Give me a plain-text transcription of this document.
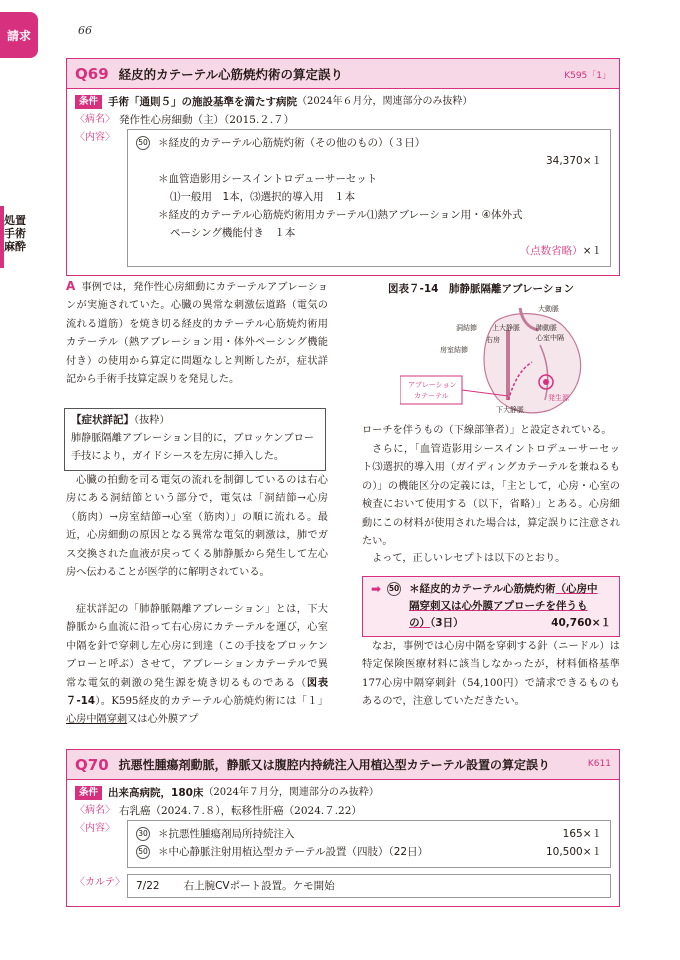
請求	66
処置
手術
麻酔
Q69 経皮的カテーテル心筋焼灼術の算定誤り	K595「1」
条件 手術「通則５」の施設基準を満たす病院 （2024年６月分，関連部分のみ抜粋）
〈病名〉 発作性心房細動（主）（2015.２.７）
〈内容〉	50 ＊経皮的カテーテル心筋焼灼術（その他のもの）（３日）
34,370×１
＊血管造影用シースイントロデューサーセット
⑴一般用　1本，⑶選択的導入用　１本
＊経皮的カテーテル心筋焼灼術用カテーテル⑴熱アブレーション用・④体外式
ペーシング機能付き　１本
（点数省略）×１
A 事例では，発作性心房細動にカテーテルアブレーションが実施されていた。心臓の異常な刺激伝道路（電気の流れる道筋）を焼き切る経皮的カテーテル心筋焼灼術用カテーテル（熱アブレーション用・体外ペーシング機能付き）の使用から算定に問題なしと判断したが，症状詳記から手術手技算定誤りを発見した。
【症状詳記】（抜粋）
肺静脈隔離アブレーション目的に，ブロッケンブロー手技により，ガイドシースを左房に挿入した。
心臓の拍動を司る電気の流れを制御しているのは右心房にある洞結節という部分で，電気は「洞結節→心房（筋肉）→房室結節→心室（筋肉）」の順に流れる。最近，心房細動の原因となる異常な電気的刺激は，肺でガス交換された血液が戻ってくる肺静脈から発生して左心房へ伝わることが医学的に解明されている。
症状詳記の「肺静脈隔離アブレーション」とは，下大静脈から血流に沿って右心房にカテーテルを運び，心室中隔を針で穿刺し左心房に到達（この手技をブロッケンブローと呼ぶ）させて，アブレーションカテーテルで異常な電気的刺激の発生源を焼き切るものである（図表７-14）。K595経皮的カテーテル心筋焼灼術には「１」心房中隔穿刺又は心外膜アプ
図表７-14　肺静脈隔離アブレーション
大動脈
洞結節 上大静脈 肺動脈
心室中隔
右房
房室結節
アブレーション
カテーテル
下大静脈
発生源
ローチを伴うもの（下線部筆者）」と設定されている。
さらに，「血管造影用シースイントロデューサーセット⑶選択的導入用（ガイディングカテーテルを兼ねるもの）」の機能区分の定義には，「主として，心房・心室の検査において使用する（以下，省略）」とある。心房細動にこの材料が使用された場合は，算定誤りに注意されたい。
よって，正しいレセプトは以下のとおり。
➡ 50 ＊経皮的カテーテル心筋焼灼術（心房中
隔穿刺又は心外膜アプローチを伴うも

の）（3日）	40,760×１
なお，事例では心房中隔を穿刺する針（ニードル）は特定保険医療材料に該当しなかったが，材料価格基準177心房中隔穿刺針（54,100円）で請求できるものもあるので，注意していただきたい。
Q70 抗悪性腫瘍剤動脈，静脈又は腹腔内持続注入用植込型カテーテル設置の算定誤り	K611
条件 出来高病院，180床 （2024年７月分，関連部分のみ抜粋）
〈病名〉 右乳癌（2024.７.８），転移性肝癌（2024.７.22）
〈内容〉	30 ＊抗悪性腫瘍剤局所持続注入	165×１
50 ＊中心静脈注射用植込型カテーテル設置（四肢）（22日）	10,500×１
〈カルテ〉 7/22 右上腕CVポート設置。ケモ開始
